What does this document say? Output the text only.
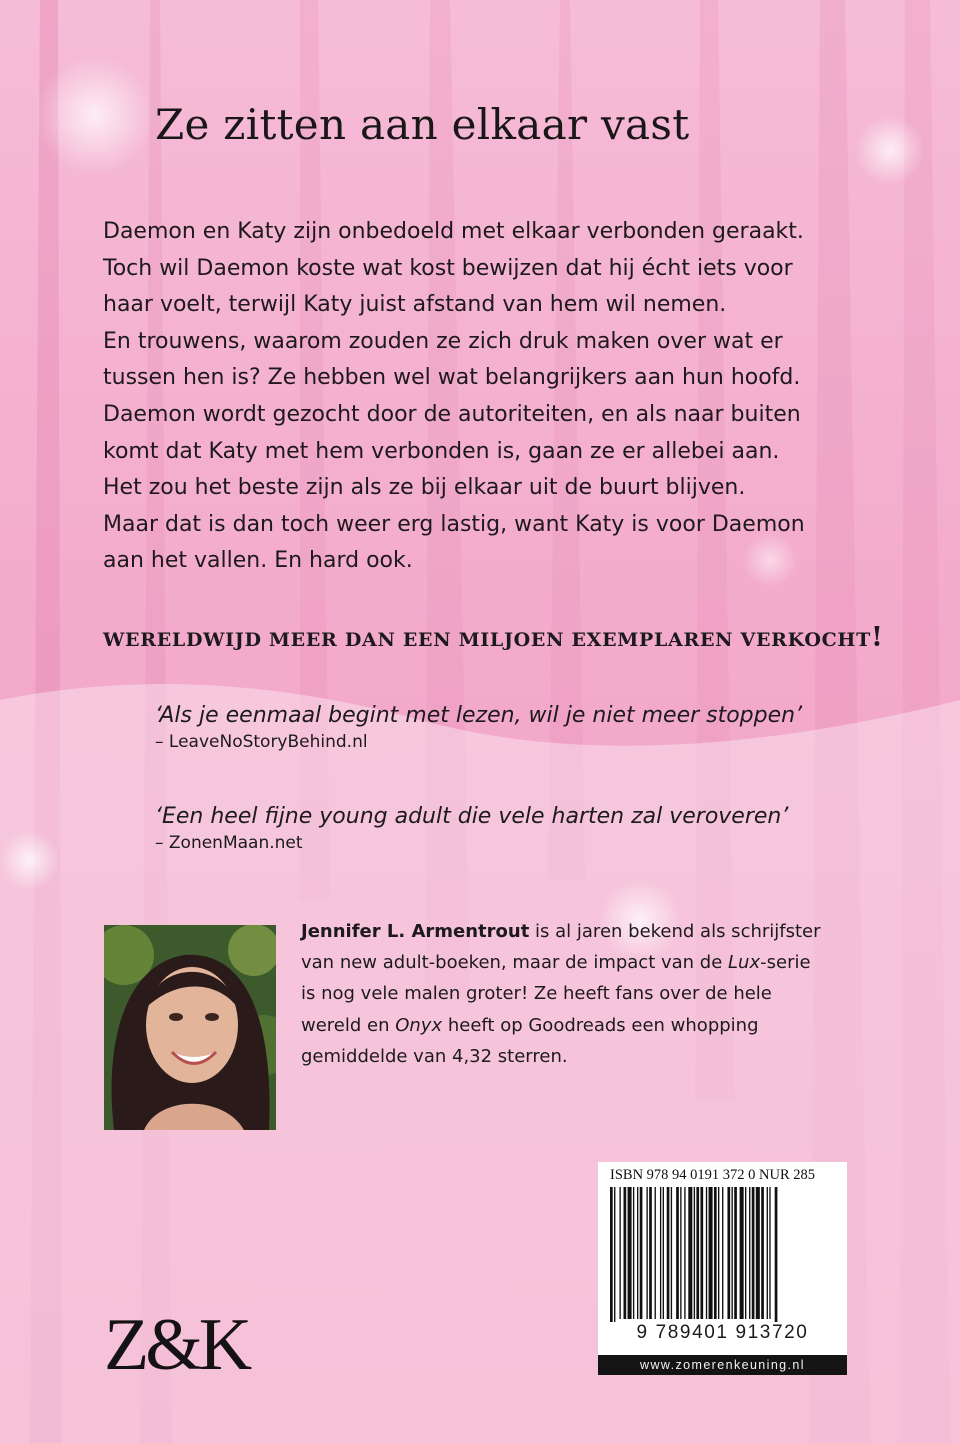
Ze zitten aan elkaar vast
Daemon en Katy zijn onbedoeld met elkaar verbonden geraakt.
Toch wil Daemon koste wat kost bewijzen dat hij écht iets voor
haar voelt, terwijl Katy juist afstand van hem wil nemen.
En trouwens, waarom zouden ze zich druk maken over wat er
tussen hen is? Ze hebben wel wat belangrijkers aan hun hoofd.
Daemon wordt gezocht door de autoriteiten, en als naar buiten
komt dat Katy met hem verbonden is, gaan ze er allebei aan.
Het zou het beste zijn als ze bij elkaar uit de buurt blijven.
Maar dat is dan toch weer erg lastig, want Katy is voor Daemon
aan het vallen. En hard ook.
WERELDWIJD MEER DAN EEN MILJOEN EXEMPLAREN VERKOCHT!
‘Als je eenmaal begint met lezen, wil je niet meer stoppen’
– LeaveNoStoryBehind.nl
‘Een heel fijne young adult die vele harten zal veroveren’
– ZonenMaan.net
Jennifer L. Armentrout is al jaren bekend als schrijfster
van new adult-boeken, maar de impact van de Lux-serie
is nog vele malen groter! Ze heeft fans over de hele
wereld en Onyx heeft op Goodreads een whopping
gemiddelde van 4,32 sterren.
Z&K
ISBN 978 94 0191 372 0 NUR 285
9 789401 913720
www.zomerenkeuning.nl
